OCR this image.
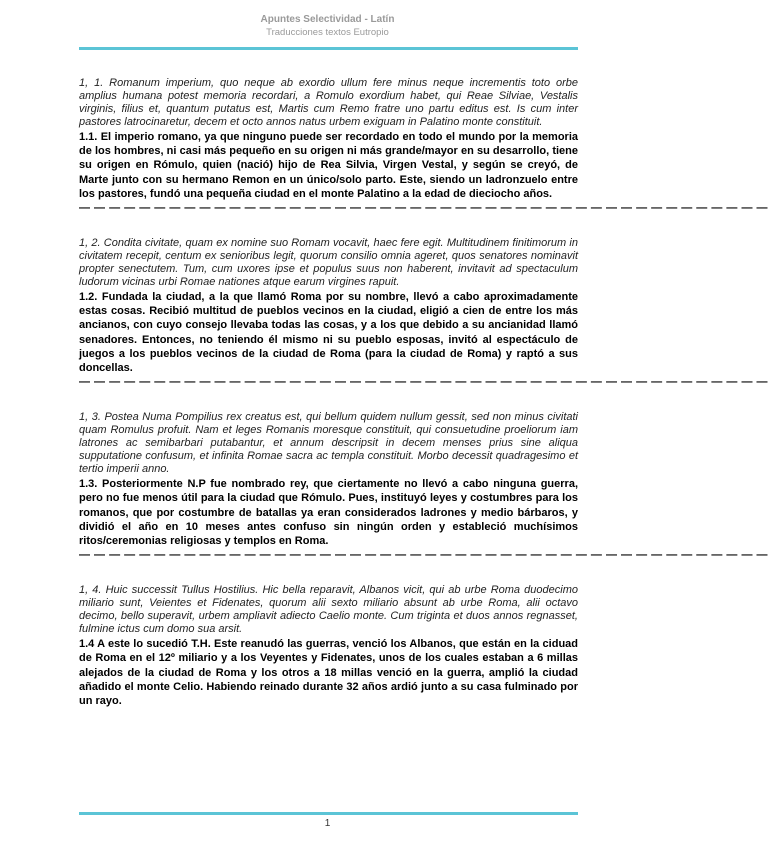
Apuntes Selectividad - Latín
Traducciones textos Eutropio

1, 1. Romanum imperium, quo neque ab exordio ullum fere minus neque incrementis toto orbe amplius humana potest memoria recordari, a Romulo exordium habet, qui Reae Silviae, Vestalis virginis, filius et, quantum putatus est, Martis cum Remo fratre uno partu editus est. Is cum inter pastores latrocinaretur, decem et octo annos natus urbem exiguam in Palatino monte constituit.

1.1. El imperio romano, ya que ninguno puede ser recordado en todo el mundo por la memoria de los hombres, ni casi más pequeño en su origen ni más grande/mayor en su desarrollo, tiene su origen en Rómulo, quien (nació) hijo de Rea Silvia, Virgen Vestal, y según se creyó, de Marte junto con su hermano Remon en un único/solo parto. Este, siendo un ladronzuelo entre los pastores, fundó una pequeña ciudad en el monte Palatino a la edad de dieciocho años.

— — — — — — — — — — — — — — — — — — — — — — — — — — — — — — — — — — — — — — — — — — — — — —

1, 2. Condita civitate, quam ex nomine suo Romam vocavit, haec fere egit. Multitudinem finitimorum in civitatem recepit, centum ex senioribus legit, quorum consilio omnia ageret, quos senatores nominavit propter senectutem. Tum, cum uxores ipse et populus suus non haberent, invitavit ad spectaculum ludorum vicinas urbi Romae nationes atque earum virgines rapuit.

1.2. Fundada la ciudad, a la que llamó Roma por su nombre, llevó a cabo aproximadamente estas cosas. Recibió multitud de pueblos vecinos en la ciudad, eligió a cien de entre los más ancianos, con cuyo consejo llevaba todas las cosas, y a los que debido a su ancianidad llamó senadores. Entonces, no teniendo él mismo ni su pueblo esposas, invitó al espectáculo de juegos a los pueblos vecinos de la ciudad de Roma (para la ciudad de Roma) y raptó a sus doncellas.

— — — — — — — — — — — — — — — — — — — — — — — — — — — — — — — — — — — — — — — — — — — — — —

1, 3. Postea Numa Pompilius rex creatus est, qui bellum quidem nullum gessit, sed non minus civitati quam Romulus profuit. Nam et leges Romanis moresque constituit, qui consuetudine proeliorum iam latrones ac semibarbari putabantur, et annum descripsit in decem menses prius sine aliqua supputatione confusum, et infinita Romae sacra ac templa constituit. Morbo decessit quadragesimo et tertio imperii anno.

1.3. Posteriormente N.P fue nombrado rey, que ciertamente no llevó a cabo ninguna guerra, pero no fue menos útil para la ciudad que Rómulo. Pues, instituyó leyes y costumbres para los romanos, que por costumbre de batallas ya eran considerados ladrones y medio bárbaros, y dividió el año en 10 meses antes confuso sin ningún orden y estableció muchísimos ritos/ceremonias religiosas y templos en Roma.

— — — — — — — — — — — — — — — — — — — — — — — — — — — — — — — — — — — — — — — — — — — — — —

1, 4. Huic successit Tullus Hostilius. Hic bella reparavit, Albanos vicit, qui ab urbe Roma duodecimo miliario sunt, Veientes et Fidenates, quorum alii sexto miliario absunt ab urbe Roma, alii octavo decimo, bello superavit, urbem ampliavit adiecto Caelio monte. Cum triginta et duos annos regnasset, fulmine ictus cum domo sua arsit.

1.4 A este lo sucedió T.H. Este reanudó las guerras, venció los Albanos, que están en la ciduad de Roma en el 12º miliario y a los Veyentes y Fidenates, unos de los cuales estaban a 6 millas alejados de la ciudad de Roma y los otros a 18 millas venció en la guerra, amplió la ciudad añadido el monte Celio. Habiendo reinado durante 32 años ardió junto a su casa fulminado por un rayo.

1
